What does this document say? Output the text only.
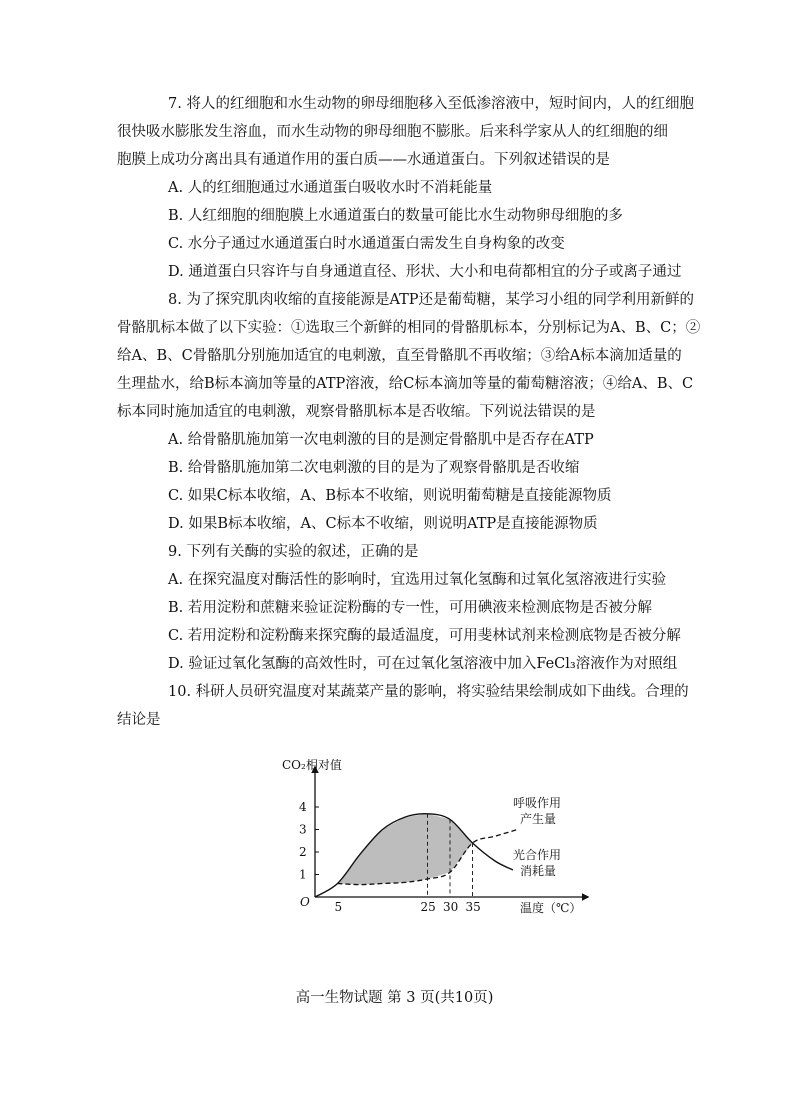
7. 将人的红细胞和水生动物的卵母细胞移入至低渗溶液中，短时间内，人的红细胞
很快吸水膨胀发生溶血，而水生动物的卵母细胞不膨胀。后来科学家从人的红细胞的细
胞膜上成功分离出具有通道作用的蛋白质——水通道蛋白。下列叙述错误的是
A. 人的红细胞通过水通道蛋白吸收水时不消耗能量
B. 人红细胞的细胞膜上水通道蛋白的数量可能比水生动物卵母细胞的多
C. 水分子通过水通道蛋白时水通道蛋白需发生自身构象的改变
D. 通道蛋白只容许与自身通道直径、形状、大小和电荷都相宜的分子或离子通过
8. 为了探究肌肉收缩的直接能源是ATP还是葡萄糖，某学习小组的同学利用新鲜的
骨骼肌标本做了以下实验：①选取三个新鲜的相同的骨骼肌标本，分别标记为A、B、C；②
给A、B、C骨骼肌分别施加适宜的电刺激，直至骨骼肌不再收缩；③给A标本滴加适量的
生理盐水，给B标本滴加等量的ATP溶液，给C标本滴加等量的葡萄糖溶液；④给A、B、C
标本同时施加适宜的电刺激，观察骨骼肌标本是否收缩。下列说法错误的是
A. 给骨骼肌施加第一次电刺激的目的是测定骨骼肌中是否存在ATP
B. 给骨骼肌施加第二次电刺激的目的是为了观察骨骼肌是否收缩
C. 如果C标本收缩，A、B标本不收缩，则说明葡萄糖是直接能源物质
D. 如果B标本收缩，A、C标本不收缩，则说明ATP是直接能源物质
9. 下列有关酶的实验的叙述，正确的是
A. 在探究温度对酶活性的影响时，宜选用过氧化氢酶和过氧化氢溶液进行实验
B. 若用淀粉和蔗糖来验证淀粉酶的专一性，可用碘液来检测底物是否被分解
C. 若用淀粉和淀粉酶来探究酶的最适温度，可用斐林试剂来检测底物是否被分解
D. 验证过氧化氢酶的高效性时，可在过氧化氢溶液中加入FeCl₃溶液作为对照组
10. 科研人员研究温度对某蔬菜产量的影响，将实验结果绘制成如下曲线。合理的
结论是
1
2
3
4
5	25 30 35
CO₂相对值
温度（℃）
O
呼吸作用
产生量
光合作用
消耗量
高一生物试题 第 3 页(共10页)
